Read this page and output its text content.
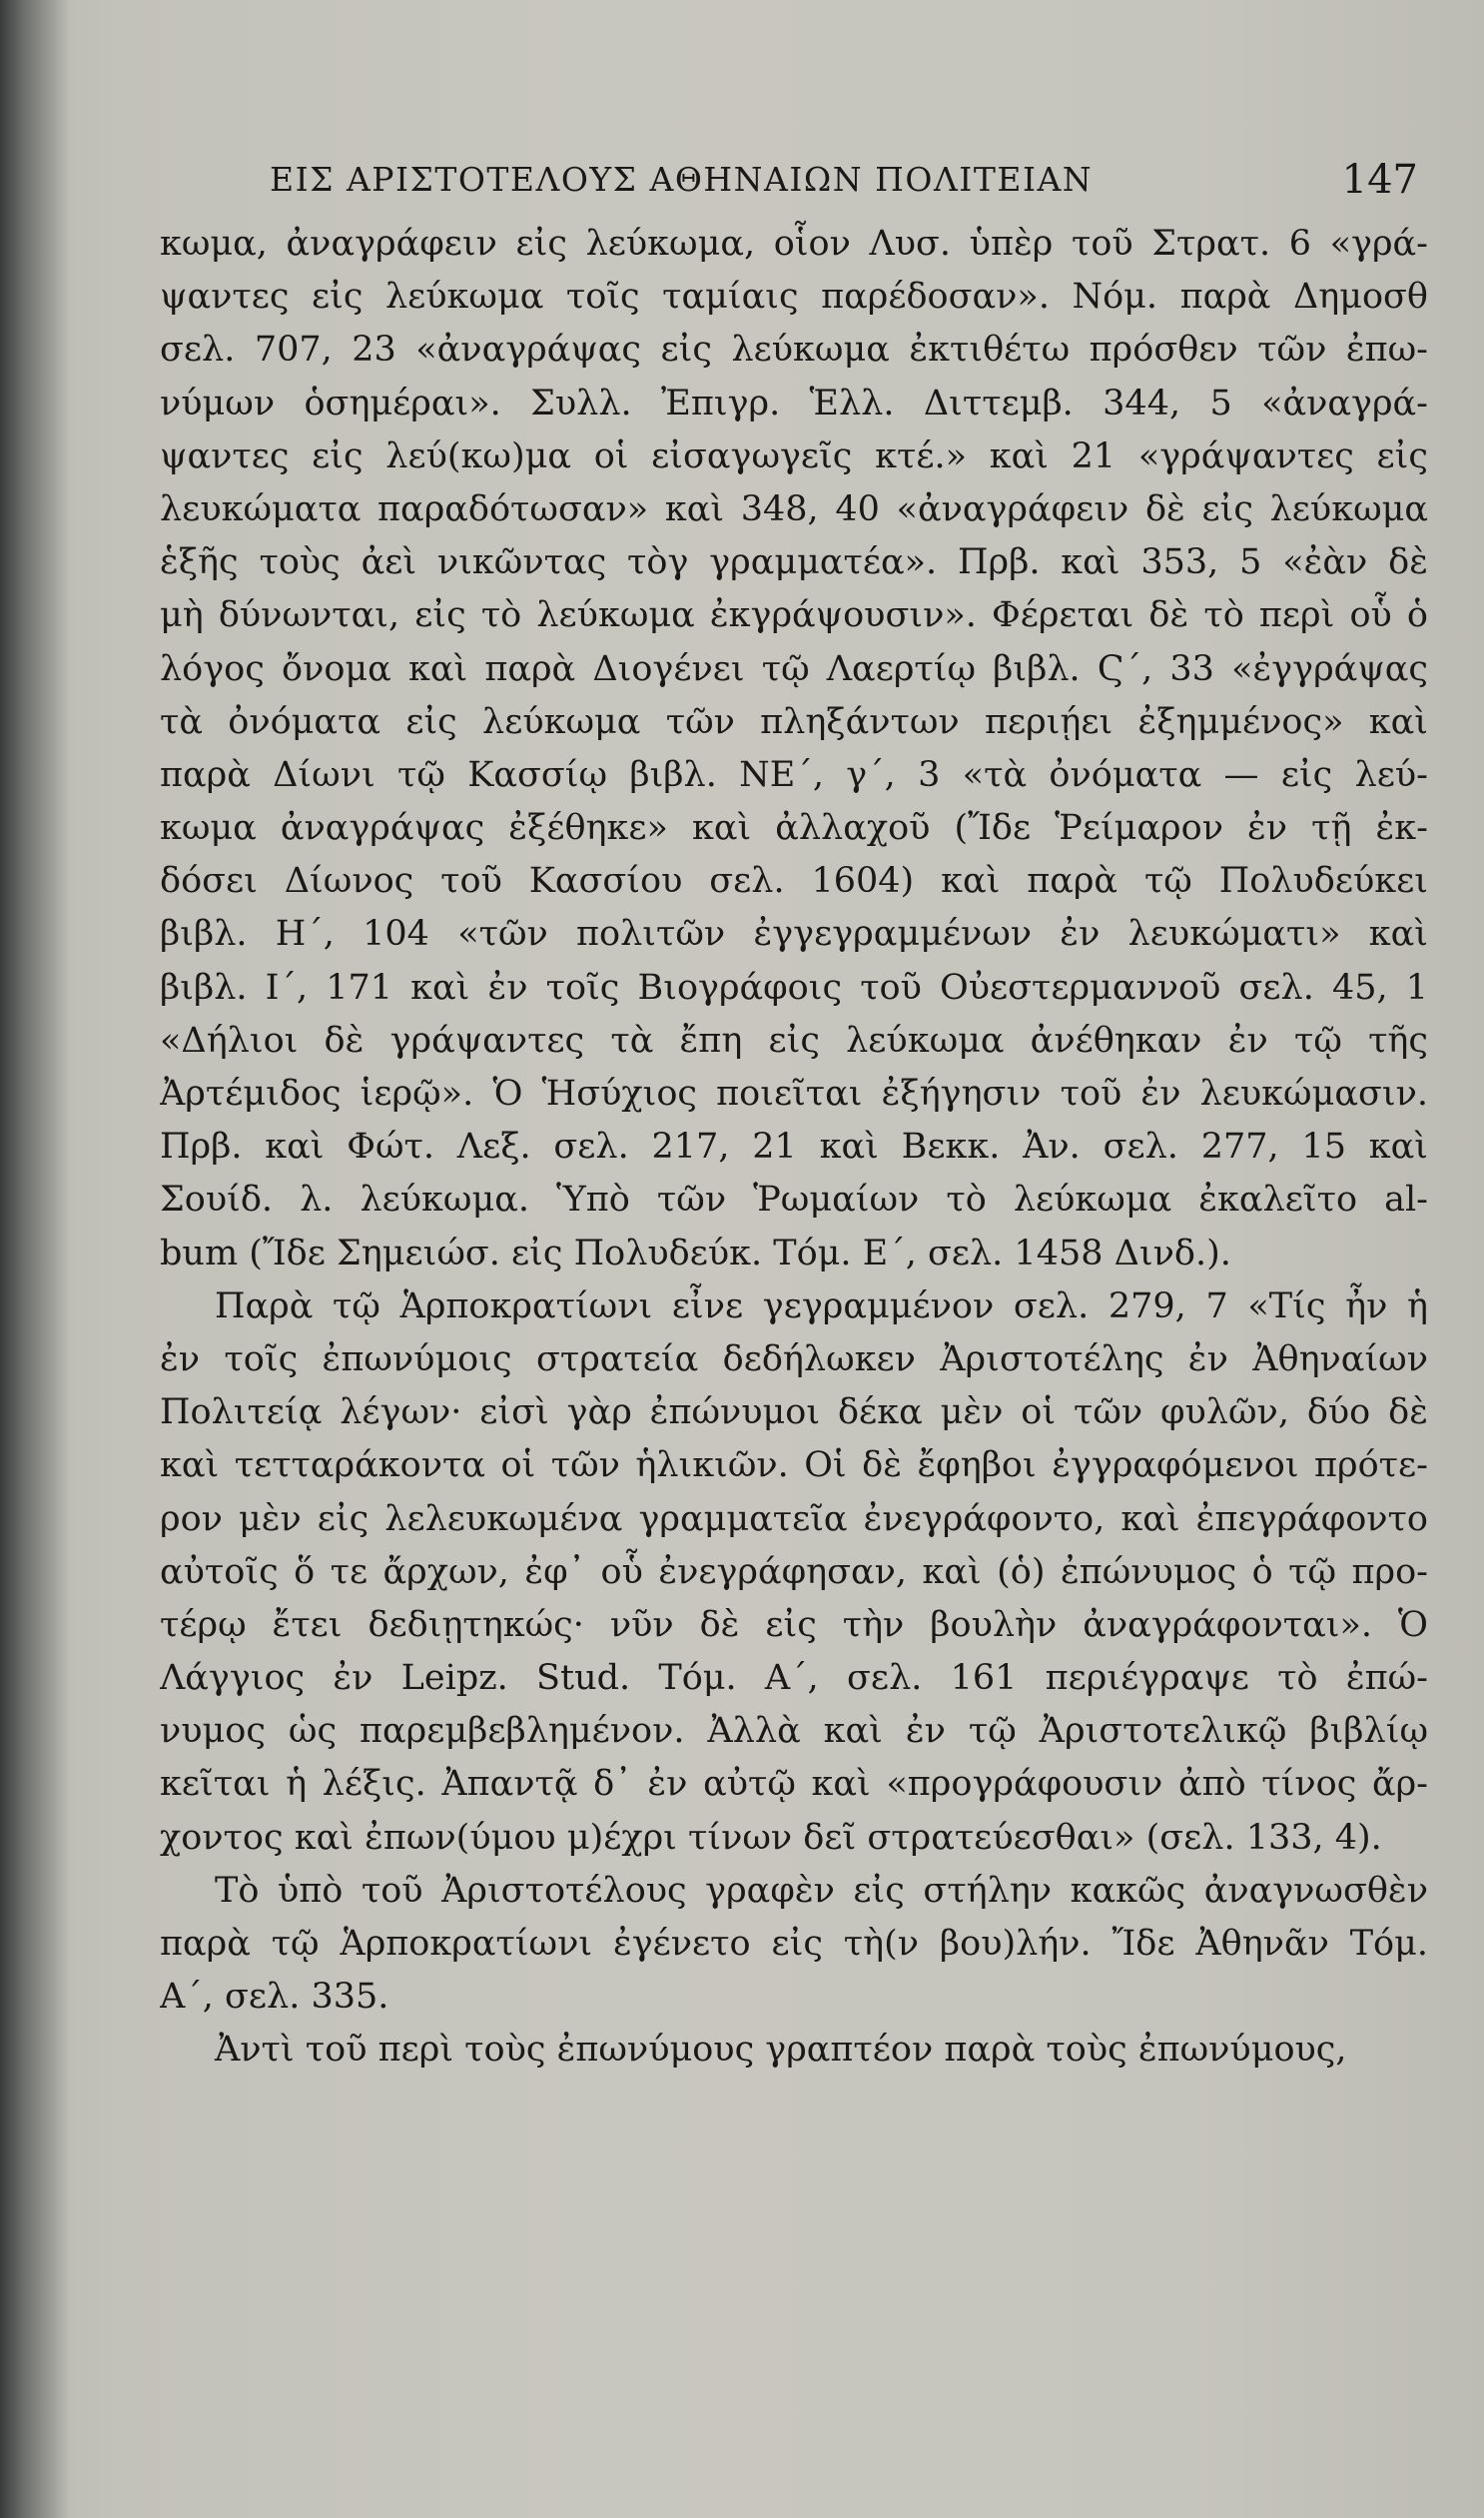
ΕΙΣ ΑΡΙΣΤΟΤΕΛΟΥΣ ΑΘΗΝΑΙΩΝ ΠΟΛΙΤΕΙΑΝ	147
κωμα, ἀναγράφειν εἰς λεύκωμα, οἷον Λυσ. ὑπὲρ τοῦ Στρατ. 6 «γρά-
ψαντες εἰς λεύκωμα τοῖς ταμίαις παρέδοσαν». Νόμ. παρὰ Δημοσθ
σελ. 707, 23 «ἀναγράψας εἰς λεύκωμα ἐκτιθέτω πρόσθεν τῶν ἐπω-
νύμων ὁσημέραι». Συλλ. Ἐπιγρ. Ἑλλ. Διττεμβ. 344, 5 «ἀναγρά-
ψαντες εἰς λεύ(κω)μα οἱ εἰσαγωγεῖς κτέ.» καὶ 21 «γράψαντες εἰς
λευκώματα παραδότωσαν» καὶ 348, 40 «ἀναγράφειν δὲ εἰς λεύκωμα
ἑξῆς τοὺς ἀεὶ νικῶντας τὸγ γραμματέα». Πρβ. καὶ 353, 5 «ἐὰν δὲ
μὴ δύνωνται, εἰς τὸ λεύκωμα ἐκγράψουσιν». Φέρεται δὲ τὸ περὶ οὗ ὁ
λόγος ὄνομα καὶ παρὰ Διογένει τῷ Λαερτίῳ βιβλ. Ϛ΄, 33 «ἐγγράψας
τὰ ὀνόματα εἰς λεύκωμα τῶν πληξάντων περιῄει ἐξημμένος» καὶ
παρὰ Δίωνι τῷ Κασσίῳ βιβλ. ΝΕ΄, γ΄, 3 «τὰ ὀνόματα — εἰς λεύ-
κωμα ἀναγράψας ἐξέθηκε» καὶ ἀλλαχοῦ (Ἴδε Ῥείμαρον ἐν τῇ ἐκ-
δόσει Δίωνος τοῦ Κασσίου σελ. 1604) καὶ παρὰ τῷ Πολυδεύκει
βιβλ. Η΄, 104 «τῶν πολιτῶν ἐγγεγραμμένων ἐν λευκώματι» καὶ
βιβλ. Ι΄, 171 καὶ ἐν τοῖς Βιογράφοις τοῦ Οὐεστερμαννοῦ σελ. 45, 1
«Δήλιοι δὲ γράψαντες τὰ ἔπη εἰς λεύκωμα ἀνέθηκαν ἐν τῷ τῆς
Ἀρτέμιδος ἱερῷ». Ὁ Ἡσύχιος ποιεῖται ἐξήγησιν τοῦ ἐν λευκώμασιν.
Πρβ. καὶ Φώτ. Λεξ. σελ. 217, 21 καὶ Βεκκ. Ἀν. σελ. 277, 15 καὶ
Σουίδ. λ. λεύκωμα. Ὑπὸ τῶν Ῥωμαίων τὸ λεύκωμα ἐκαλεῖτο al-
bum (Ἴδε Σημειώσ. εἰς Πολυδεύκ. Τόμ. Ε΄, σελ. 1458 Δινδ.).
Παρὰ τῷ Ἁρποκρατίωνι εἶνε γεγραμμένον σελ. 279, 7 «Τίς ἦν ἡ
ἐν τοῖς ἐπωνύμοις στρατεία δεδήλωκεν Ἀριστοτέλης ἐν Ἀθηναίων
Πολιτείᾳ λέγων· εἰσὶ γὰρ ἐπώνυμοι δέκα μὲν οἱ τῶν φυλῶν, δύο δὲ
καὶ τετταράκοντα οἱ τῶν ἡλικιῶν. Οἱ δὲ ἔφηβοι ἐγγραφόμενοι πρότε-
ρον μὲν εἰς λελευκωμένα γραμματεῖα ἐνεγράφοντο, καὶ ἐπεγράφοντο
αὐτοῖς ὅ τε ἄρχων, ἐφ᾽ οὗ ἐνεγράφησαν, καὶ (ὁ) ἐπώνυμος ὁ τῷ προ-
τέρῳ ἔτει δεδιῃτηκώς· νῦν δὲ εἰς τὴν βουλὴν ἀναγράφονται». Ὁ
Λάγγιος ἐν Leipz. Stud. Τόμ. Α΄, σελ. 161 περιέγραψε τὸ ἐπώ-
νυμος ὡς παρεμβεβλημένον. Ἀλλὰ καὶ ἐν τῷ Ἀριστοτελικῷ βιβλίῳ
κεῖται ἡ λέξις. Ἀπαντᾷ δ᾽ ἐν αὐτῷ καὶ «προγράφουσιν ἀπὸ τίνος ἄρ-
χοντος καὶ ἐπων(ύμου μ)έχρι τίνων δεῖ στρατεύεσθαι» (σελ. 133, 4).
Τὸ ὑπὸ τοῦ Ἀριστοτέλους γραφὲν εἰς στήλην κακῶς ἀναγνωσθὲν
παρὰ τῷ Ἁρποκρατίωνι ἐγένετο εἰς τὴ(ν βου)λήν. Ἴδε Ἀθηνᾶν Τόμ.
Α΄, σελ. 335.
Ἀντὶ τοῦ περὶ τοὺς ἐπωνύμους γραπτέον παρὰ τοὺς ἐπωνύμους,
